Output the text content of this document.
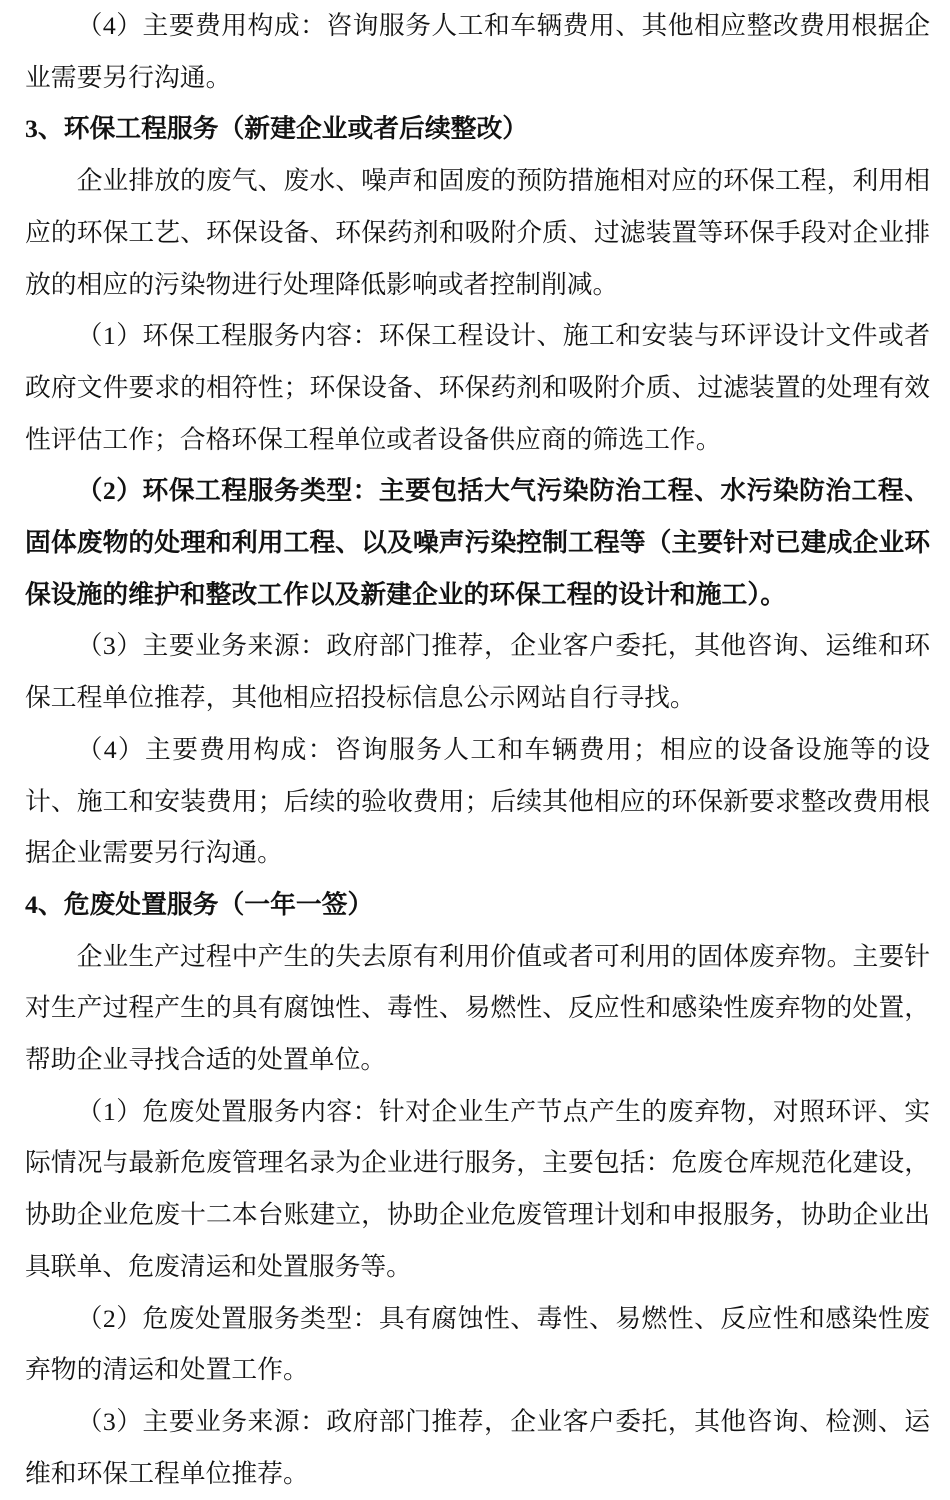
（4）主要费用构成：咨询服务人工和车辆费用、其他相应整改费用根据企业需要另行沟通。

3、环保工程服务（新建企业或者后续整改）

企业排放的废气、废水、噪声和固废的预防措施相对应的环保工程，利用相应的环保工艺、环保设备、环保药剂和吸附介质、过滤装置等环保手段对企业排放的相应的污染物进行处理降低影响或者控制削减。

（1）环保工程服务内容：环保工程设计、施工和安装与环评设计文件或者政府文件要求的相符性；环保设备、环保药剂和吸附介质、过滤装置的处理有效性评估工作；合格环保工程单位或者设备供应商的筛选工作。

（2）环保工程服务类型：主要包括大气污染防治工程、水污染防治工程、固体废物的处理和利用工程、以及噪声污染控制工程等（主要针对已建成企业环保设施的维护和整改工作以及新建企业的环保工程的设计和施工）。

（3）主要业务来源：政府部门推荐，企业客户委托，其他咨询、运维和环保工程单位推荐，其他相应招投标信息公示网站自行寻找。

（4）主要费用构成：咨询服务人工和车辆费用；相应的设备设施等的设计、施工和安装费用；后续的验收费用；后续其他相应的环保新要求整改费用根据企业需要另行沟通。

4、危废处置服务（一年一签）

企业生产过程中产生的失去原有利用价值或者可利用的固体废弃物。主要针对生产过程产生的具有腐蚀性、毒性、易燃性、反应性和感染性废弃物的处置，帮助企业寻找合适的处置单位。

（1）危废处置服务内容：针对企业生产节点产生的废弃物，对照环评、实际情况与最新危废管理名录为企业进行服务，主要包括：危废仓库规范化建设，协助企业危废十二本台账建立，协助企业危废管理计划和申报服务，协助企业出具联单、危废清运和处置服务等。

（2）危废处置服务类型：具有腐蚀性、毒性、易燃性、反应性和感染性废弃物的清运和处置工作。

（3）主要业务来源：政府部门推荐，企业客户委托，其他咨询、检测、运维和环保工程单位推荐。
